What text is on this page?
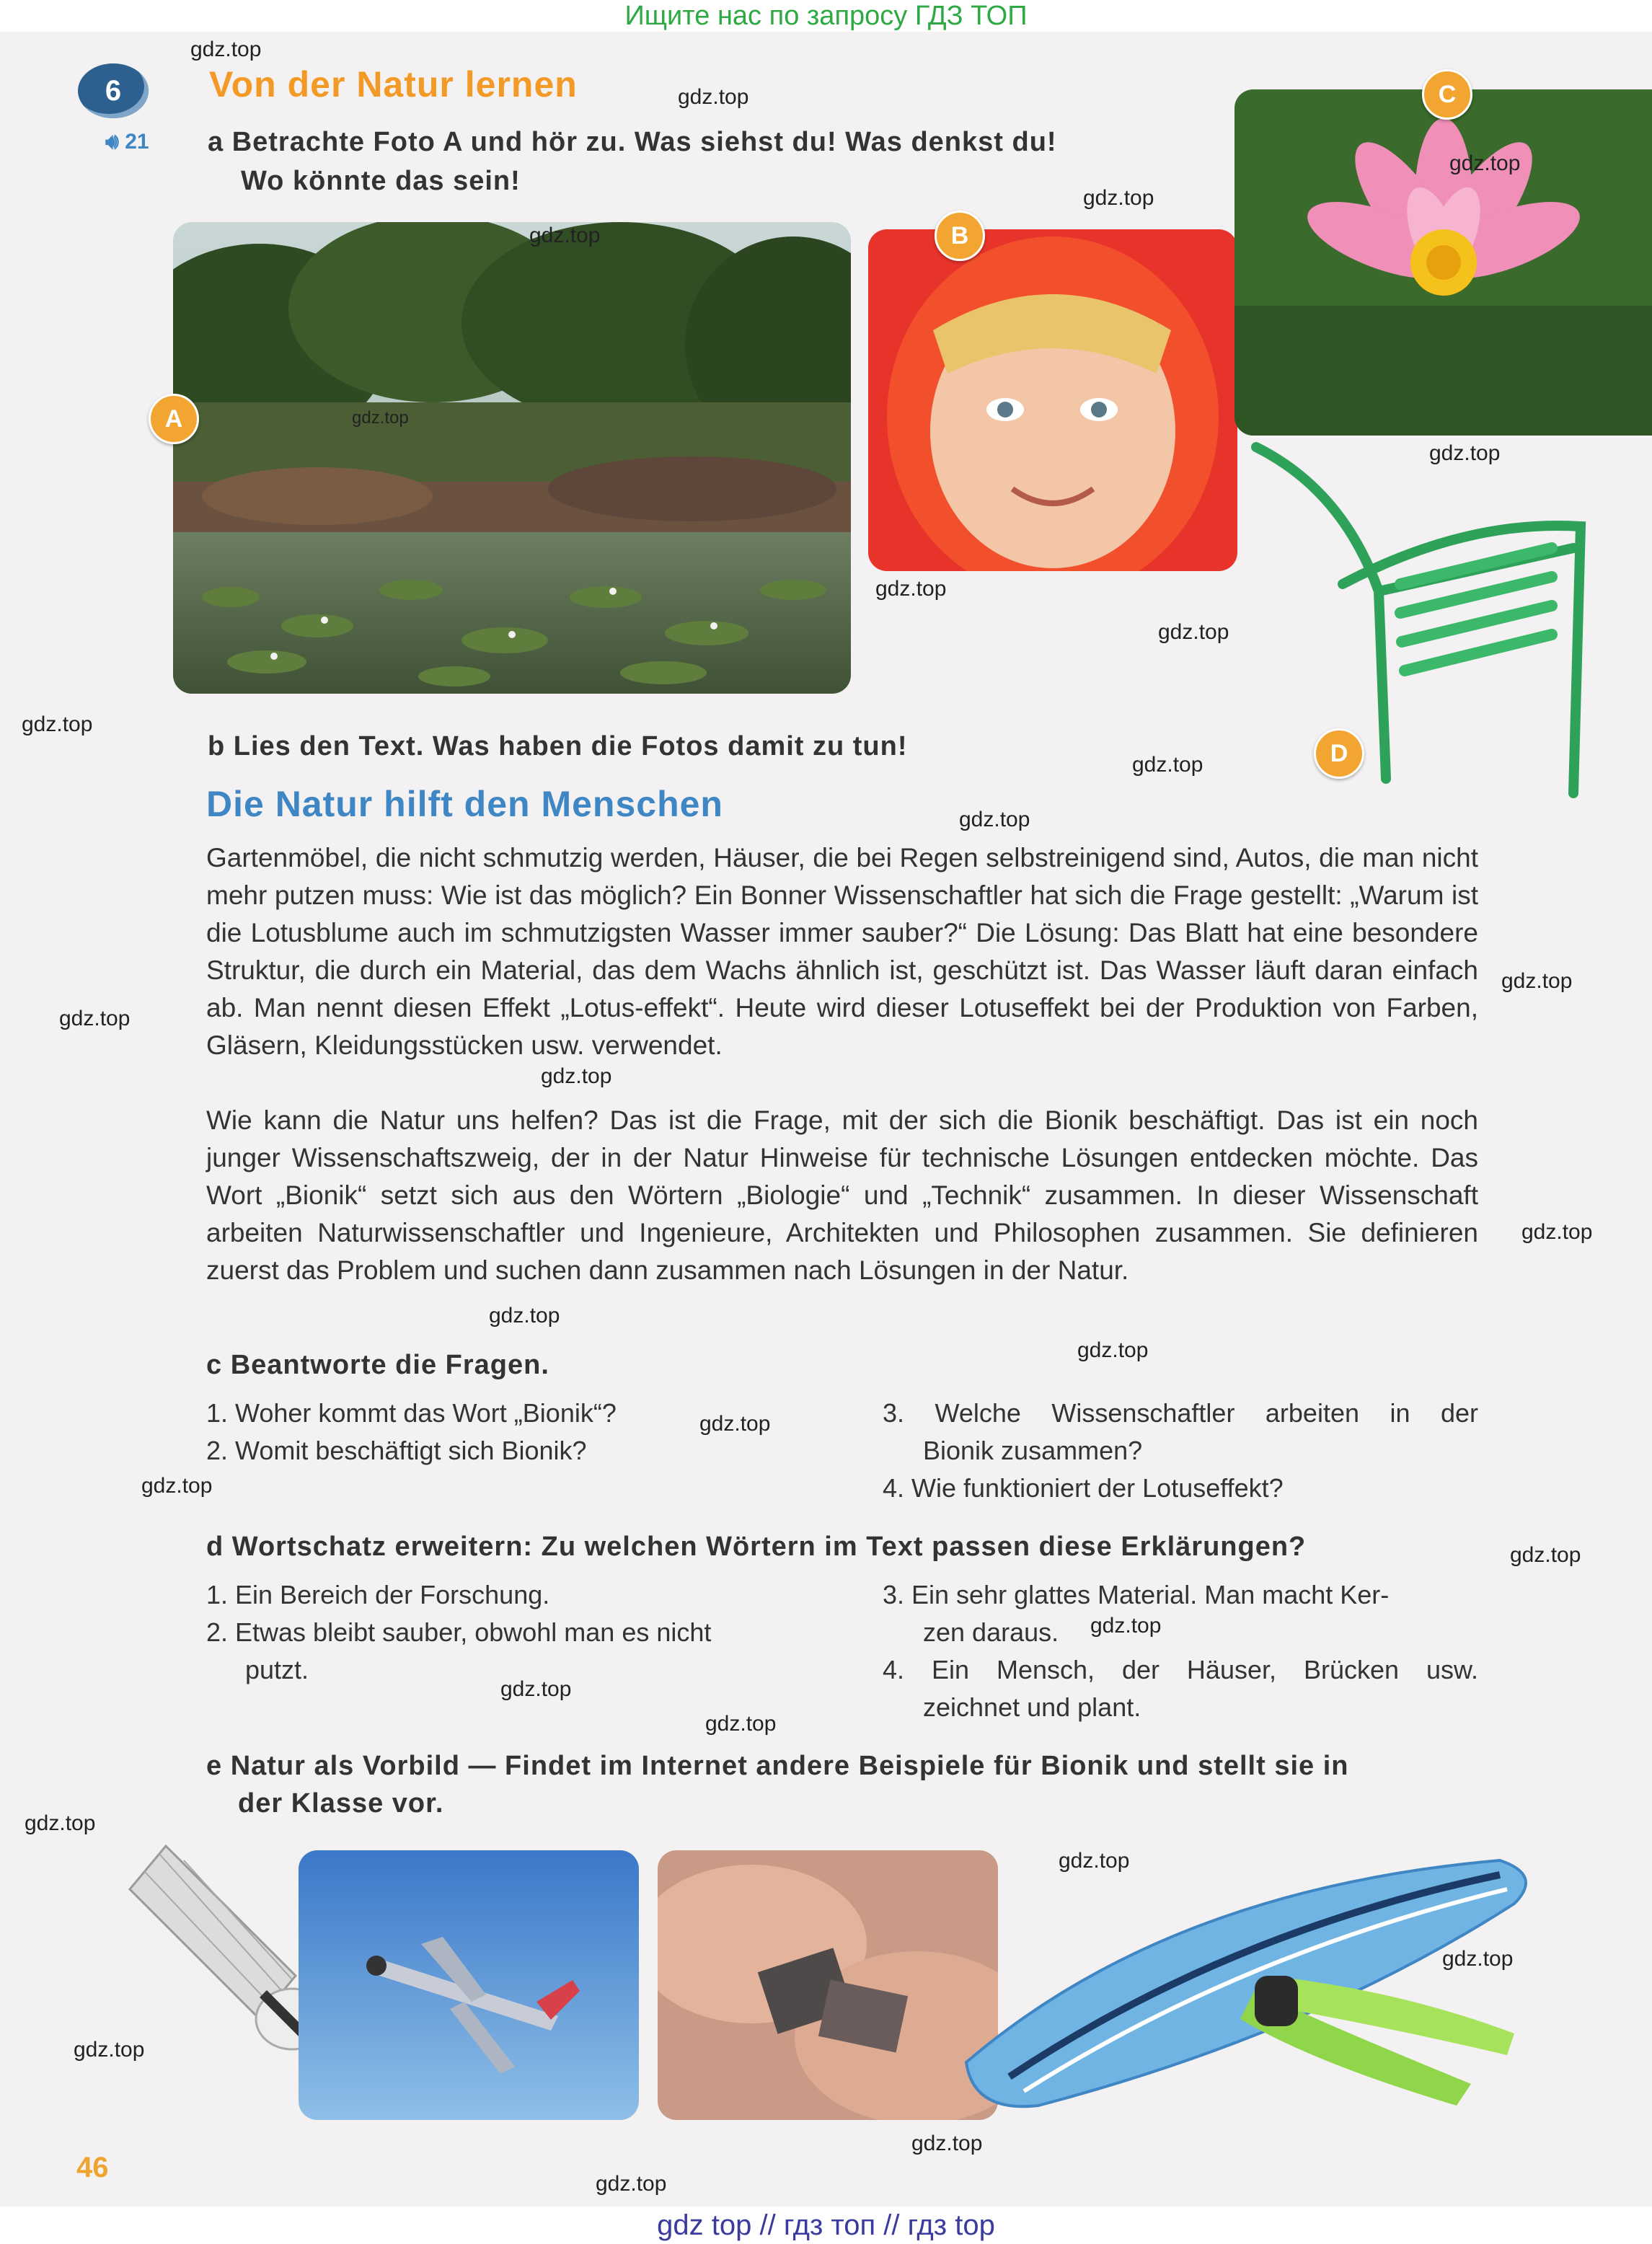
Ищите нас по запросу ГДЗ ТОП
6	Von der Natur lernen
🔊︎ 21 a Betrachte Foto A und hör zu. Was siehst du! Was denkst du!
Wo könnte das sein!
A
B
C
D
b Lies den Text. Was haben die Fotos damit zu tun!
Die Natur hilft den Menschen
Gartenmöbel, die nicht schmutzig werden, Häuser, die bei Regen selbstreinigend sind, Autos, die man nicht mehr putzen muss: Wie ist das möglich? Ein Bonner Wissenschaftler hat sich die Frage gestellt: „Warum ist die Lotusblume auch im schmutzigsten Wasser immer sauber?“ Die Lösung: Das Blatt hat eine besondere Struktur, die durch ein Material, das dem Wachs ähnlich ist, geschützt ist. Das Wasser läuft daran einfach ab. Man nennt diesen Effekt „Lotus-effekt“. Heute wird dieser Lotuseffekt bei der Produktion von Farben, Gläsern, Kleidungsstücken usw. verwendet.
Wie kann die Natur uns helfen? Das ist die Frage, mit der sich die Bionik beschäftigt. Das ist ein noch junger Wissenschaftszweig, der in der Natur Hinweise für technische Lösungen entdecken möchte. Das Wort „Bionik“ setzt sich aus den Wörtern „Biologie“ und „Technik“ zusammen. In dieser Wissenschaft arbeiten Naturwissenschaftler und Ingenieure, Architekten und Philosophen zusammen. Sie definieren zuerst das Problem und suchen dann zusammen nach Lösungen in der Natur.
c Beantworte die Fragen.
1. Woher kommt das Wort „Bionik“?
2. Womit beschäftigt sich Bionik?
3. Welche Wissenschaftler arbeiten in der
Bionik zusammen?
4. Wie funktioniert der Lotuseffekt?
d Wortschatz erweitern: Zu welchen Wörtern im Text passen diese Erklärungen?
1. Ein Bereich der Forschung.
2. Etwas bleibt sauber, obwohl man es nicht
putzt.
3. Ein sehr glattes Material. Man macht Ker-
zen daraus.
4. Ein Mensch, der Häuser, Brücken usw.
zeichnet und plant.
e Natur als Vorbild — Findet im Internet andere Beispiele für Bionik und stellt sie in
der Klasse vor.
46
gdz.top
gdz.top
gdz.top
gdz.top
gdz.top
gdz.top
gdz.top
gdz.top
gdz.top
gdz.top
gdz.top
gdz.top
gdz.top
gdz.top
gdz.top
gdz.top
gdz.top
gdz.top
gdz.top
gdz.top
gdz.top
gdz.top
gdz.top
gdz.top
gdz.top
gdz.top
gdz.top
gdz.top
gdz.top
gdz.top
gdz top // гдз топ // гдз top
